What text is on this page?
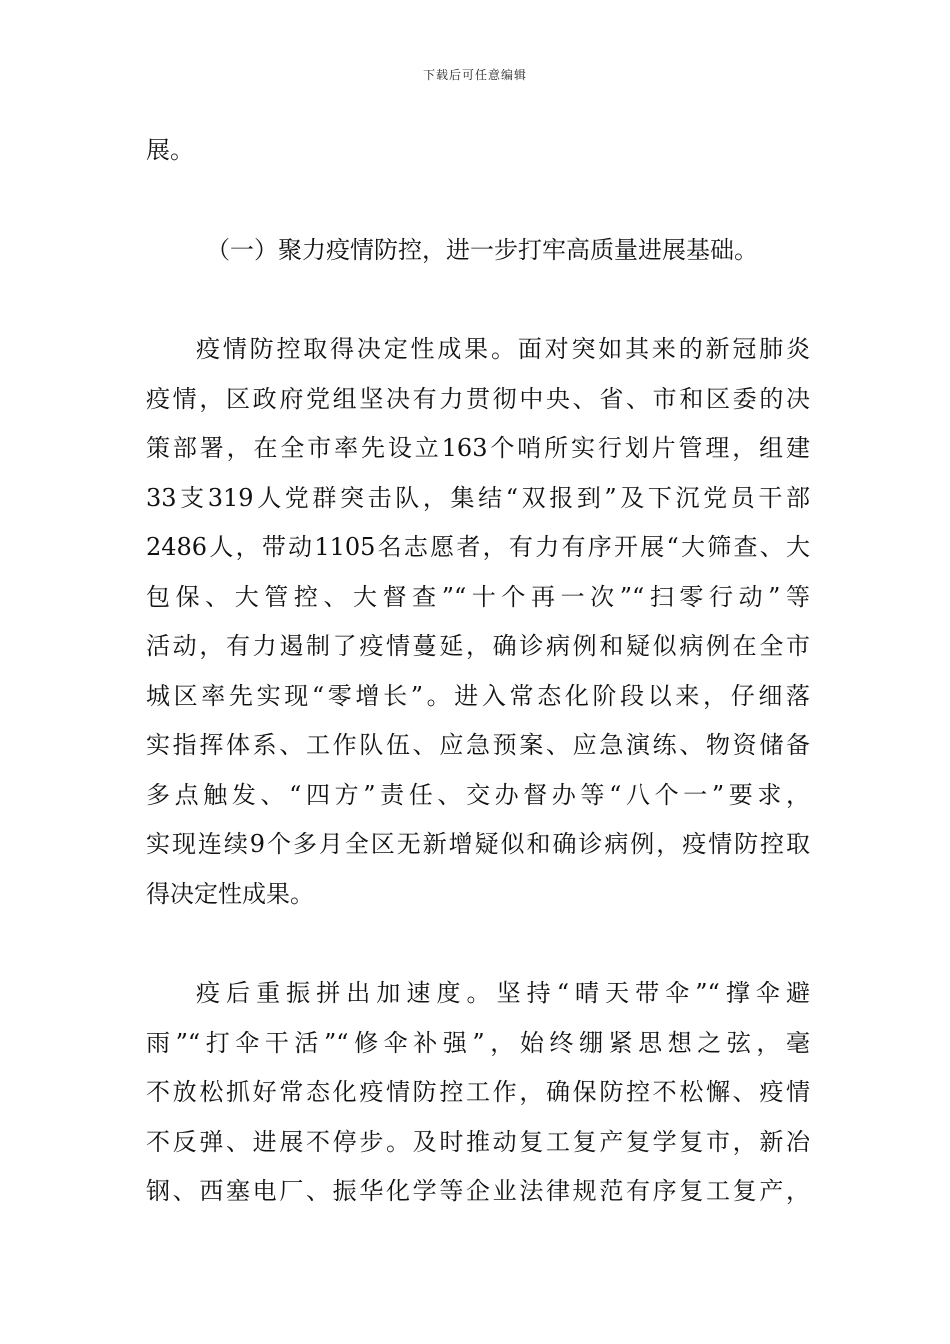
下载后可任意编辑
展。
（一）聚力疫情防控，进一步打牢高质量进展基础。
疫情防控取得决定性成果。面对突如其来的新冠肺炎
疫情，区政府党组坚决有力贯彻中央、省、市和区委的决
策部署，在全市率先设立163个哨所实行划片管理，组建
33支319人党群突击队，集结“双报到”及下沉党员干部
2486人，带动1105名志愿者，有力有序开展“大筛查、大
包保、大管控、大督查”“十个再一次”“扫零行动”等
活动，有力遏制了疫情蔓延，确诊病例和疑似病例在全市
城区率先实现“零增长”。进入常态化阶段以来，仔细落
实指挥体系、工作队伍、应急预案、应急演练、物资储备
多点触发、“四方”责任、交办督办等“八个一”要求，
实现连续9个多月全区无新增疑似和确诊病例，疫情防控取
得决定性成果。
疫后重振拼出加速度。坚持“晴天带伞”“撑伞避
雨”“打伞干活”“修伞补强”，始终绷紧思想之弦，毫
不放松抓好常态化疫情防控工作，确保防控不松懈、疫情
不反弹、进展不停步。及时推动复工复产复学复市，新冶
钢、西塞电厂、振华化学等企业法律规范有序复工复产，
